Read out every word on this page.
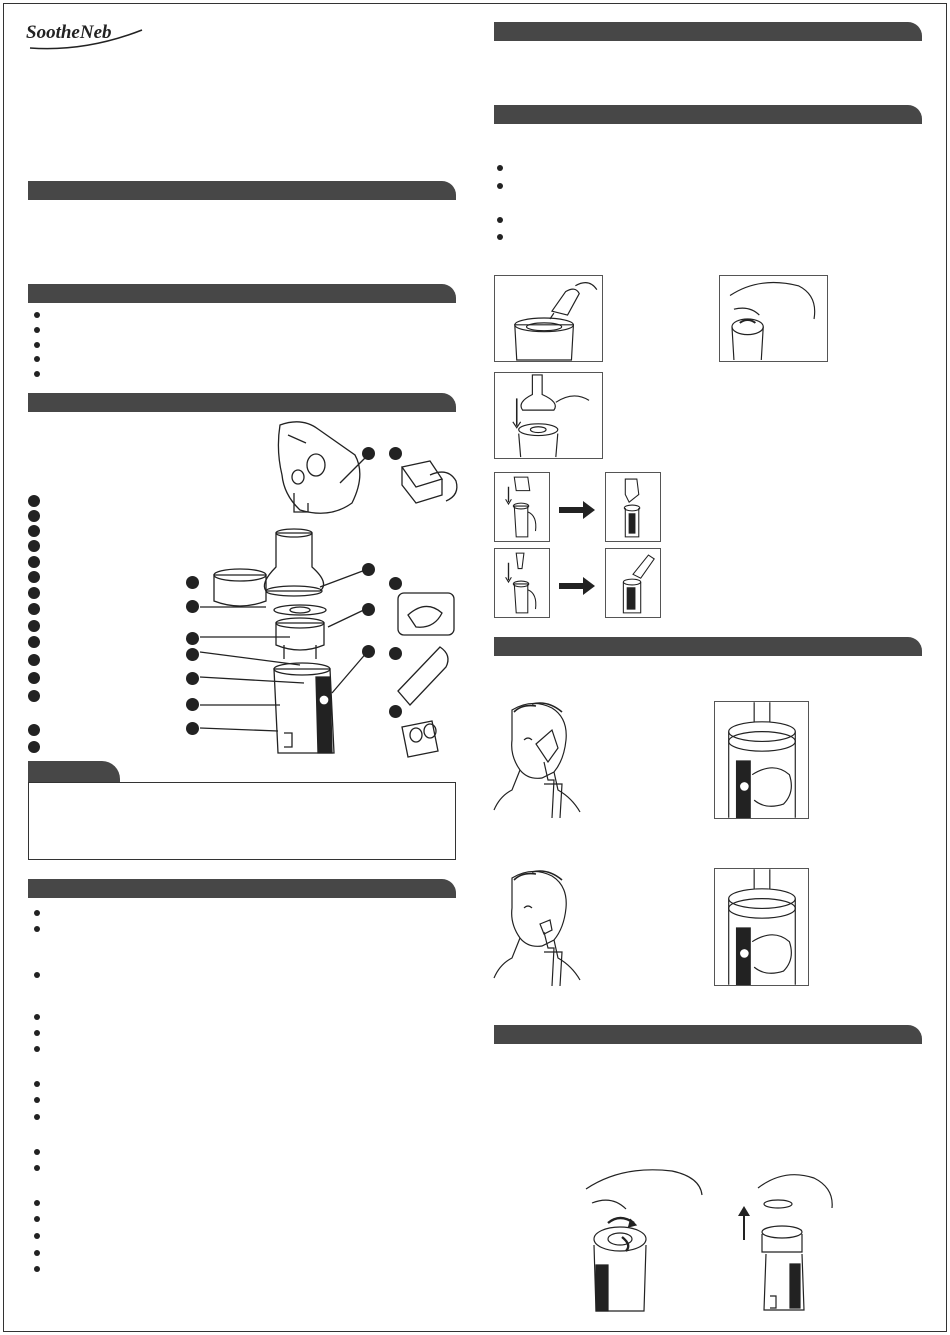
SootheNeb
